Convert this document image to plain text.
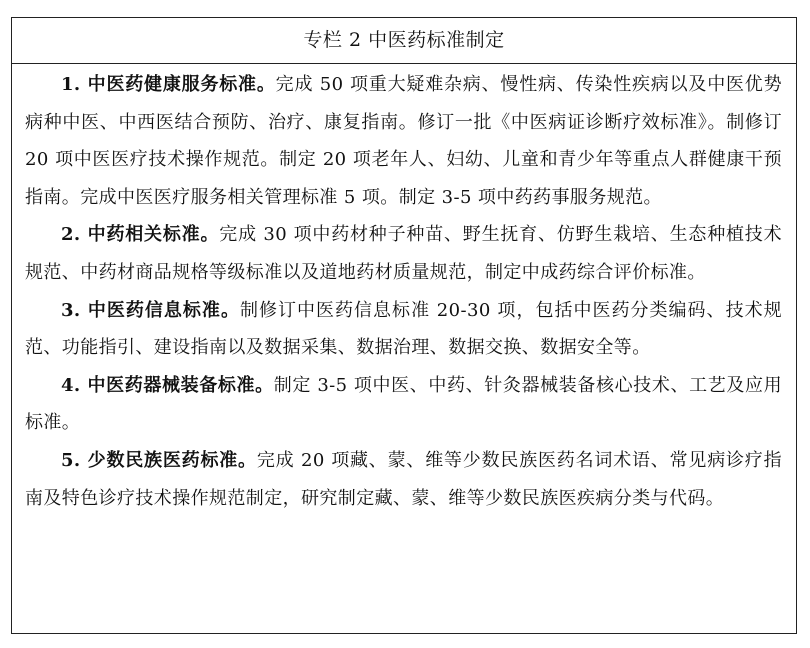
专栏 2 中医药标准制定

1. 中医药健康服务标准。完成 50 项重大疑难杂病、慢性病、传染性疾病以及中医优势病种中医、中西医结合预防、治疗、康复指南。修订一批《中医病证诊断疗效标准》。制修订 20 项中医医疗技术操作规范。制定 20 项老年人、妇幼、儿童和青少年等重点人群健康干预指南。完成中医医疗服务相关管理标准 5 项。制定 3-5 项中药药事服务规范。

2. 中药相关标准。完成 30 项中药材种子种苗、野生抚育、仿野生栽培、生态种植技术规范、中药材商品规格等级标准以及道地药材质量规范，制定中成药综合评价标准。

3. 中医药信息标准。制修订中医药信息标准 20-30 项，包括中医药分类编码、技术规范、功能指引、建设指南以及数据采集、数据治理、数据交换、数据安全等。

4. 中医药器械装备标准。制定 3-5 项中医、中药、针灸器械装备核心技术、工艺及应用标准。

5. 少数民族医药标准。完成 20 项藏、蒙、维等少数民族医药名词术语、常见病诊疗指南及特色诊疗技术操作规范制定，研究制定藏、蒙、维等少数民族医疾病分类与代码。
